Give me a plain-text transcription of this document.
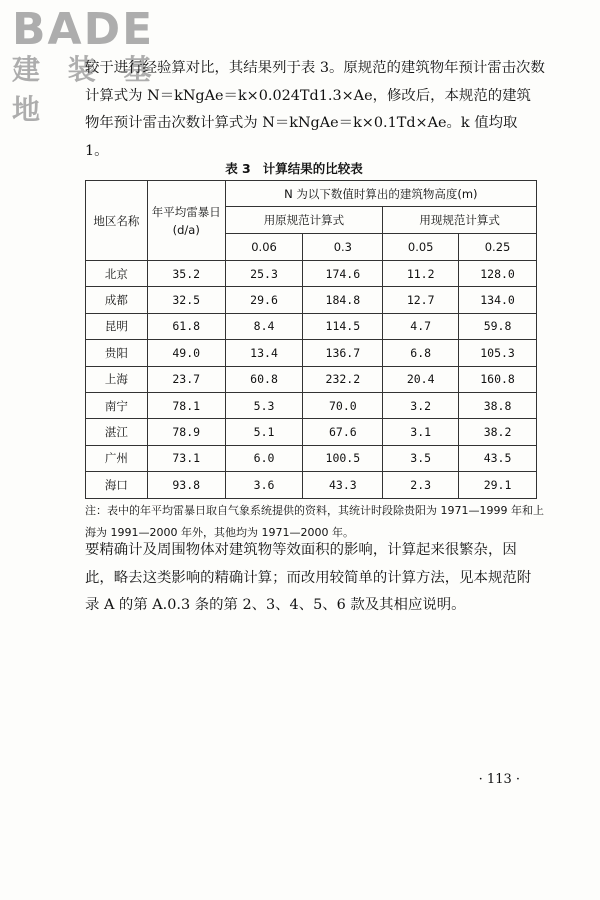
BADE
建 装 基 地
较于进行经验算对比，其结果列于表 3。原规范的建筑物年预计雷击次数计算式为 N＝kNgAe＝k×0.024Td1.3×Ae，修改后，本规范的建筑物年预计雷击次数计算式为 N＝kNgAe＝k×0.1Td×Ae。k 值均取 1。
表 3 计算结果的比较表
地区名称	年平均雷暴日(d/a)	N 为以下数值时算出的建筑物高度(m)			
		用原规范计算式		用现规范计算式	
		0.06	0.3	0.05	0.25
北京	35.2	25.3	174.6	11.2	128.0
成都	32.5	29.6	184.8	12.7	134.0
昆明	61.8	8.4	114.5	4.7	59.8
贵阳	49.0	13.4	136.7	6.8	105.3
上海	23.7	60.8	232.2	20.4	160.8
南宁	78.1	5.3	70.0	3.2	38.8
湛江	78.9	5.1	67.6	3.1	38.2
广州	73.1	6.0	100.5	3.5	43.5
海口	93.8	3.6	43.3	2.3	29.1
注：表中的年平均雷暴日取自气象系统提供的资料，其统计时段除贵阳为 1971—1999 年和上海为 1991—2000 年外，其他均为 1971—2000 年。
要精确计及周围物体对建筑物等效面积的影响，计算起来很繁杂，因此，略去这类影响的精确计算；而改用较简单的计算方法，见本规范附录 A 的第 A.0.3 条的第 2、3、4、5、6 款及其相应说明。
· 113 ·
